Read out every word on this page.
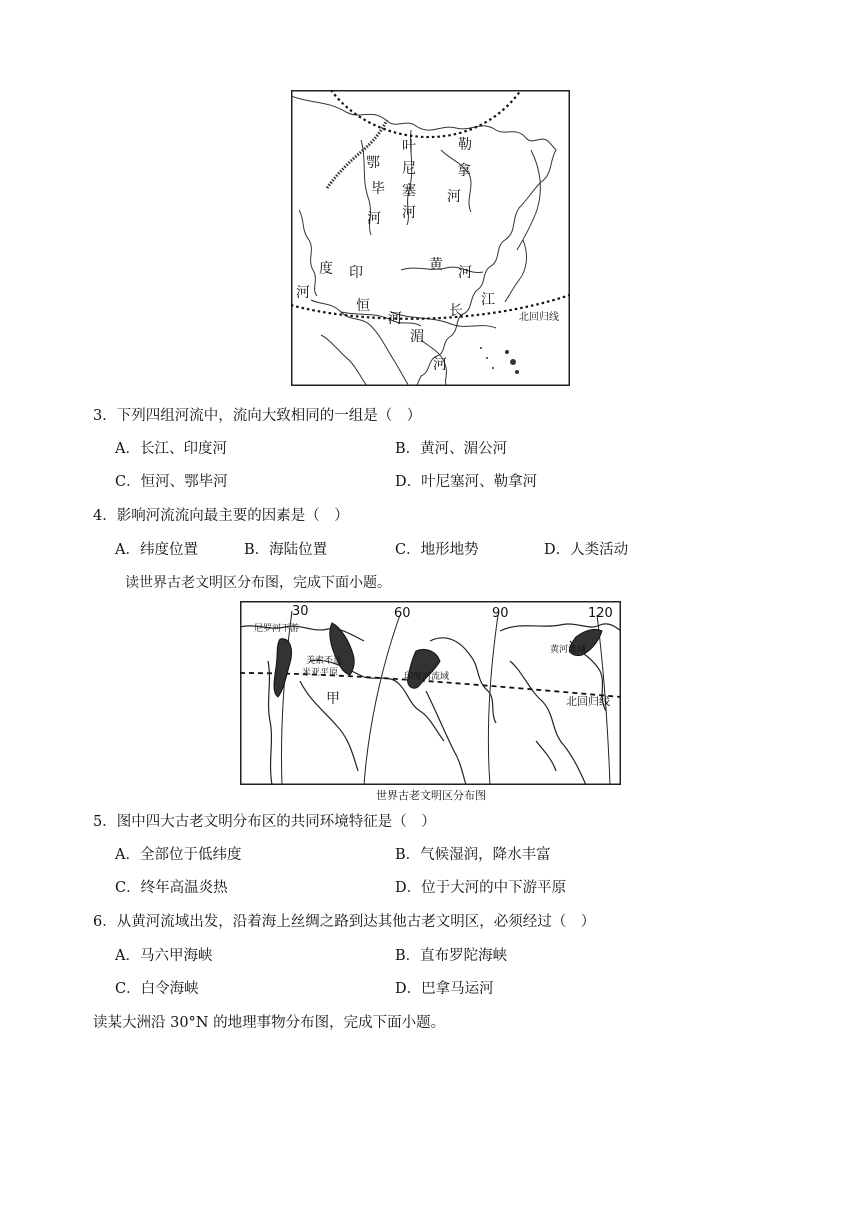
叶
尼
塞
河
鄂
毕
河
勒
拿
河
黄 河
长
江
度 印
河
恒
河
湄
河
北回归线
3．下列四组河流中，流向大致相同的一组是（　）
A．长江、印度河	B．黄河、湄公河
C．恒河、鄂毕河	D．叶尼塞河、勒拿河
4．影响河流流向最主要的因素是（　）
A．纬度位置	B．海陆位置	C．地形地势	D．人类活动
读世界古老文明区分布图，完成下面小题。
30	60	90	120
尼罗河下游
美索不达
米亚平原	印度河流域
黄河流域
甲	北回归线
世界古老文明区分布图
5．图中四大古老文明分布区的共同环境特征是（　）
A．全部位于低纬度	B．气候湿润，降水丰富
C．终年高温炎热	D．位于大河的中下游平原
6．从黄河流域出发，沿着海上丝绸之路到达其他古老文明区，必须经过（　）
A．马六甲海峡	B．直布罗陀海峡
C．白令海峡	D．巴拿马运河
读某大洲沿 30°N 的地理事物分布图，完成下面小题。
